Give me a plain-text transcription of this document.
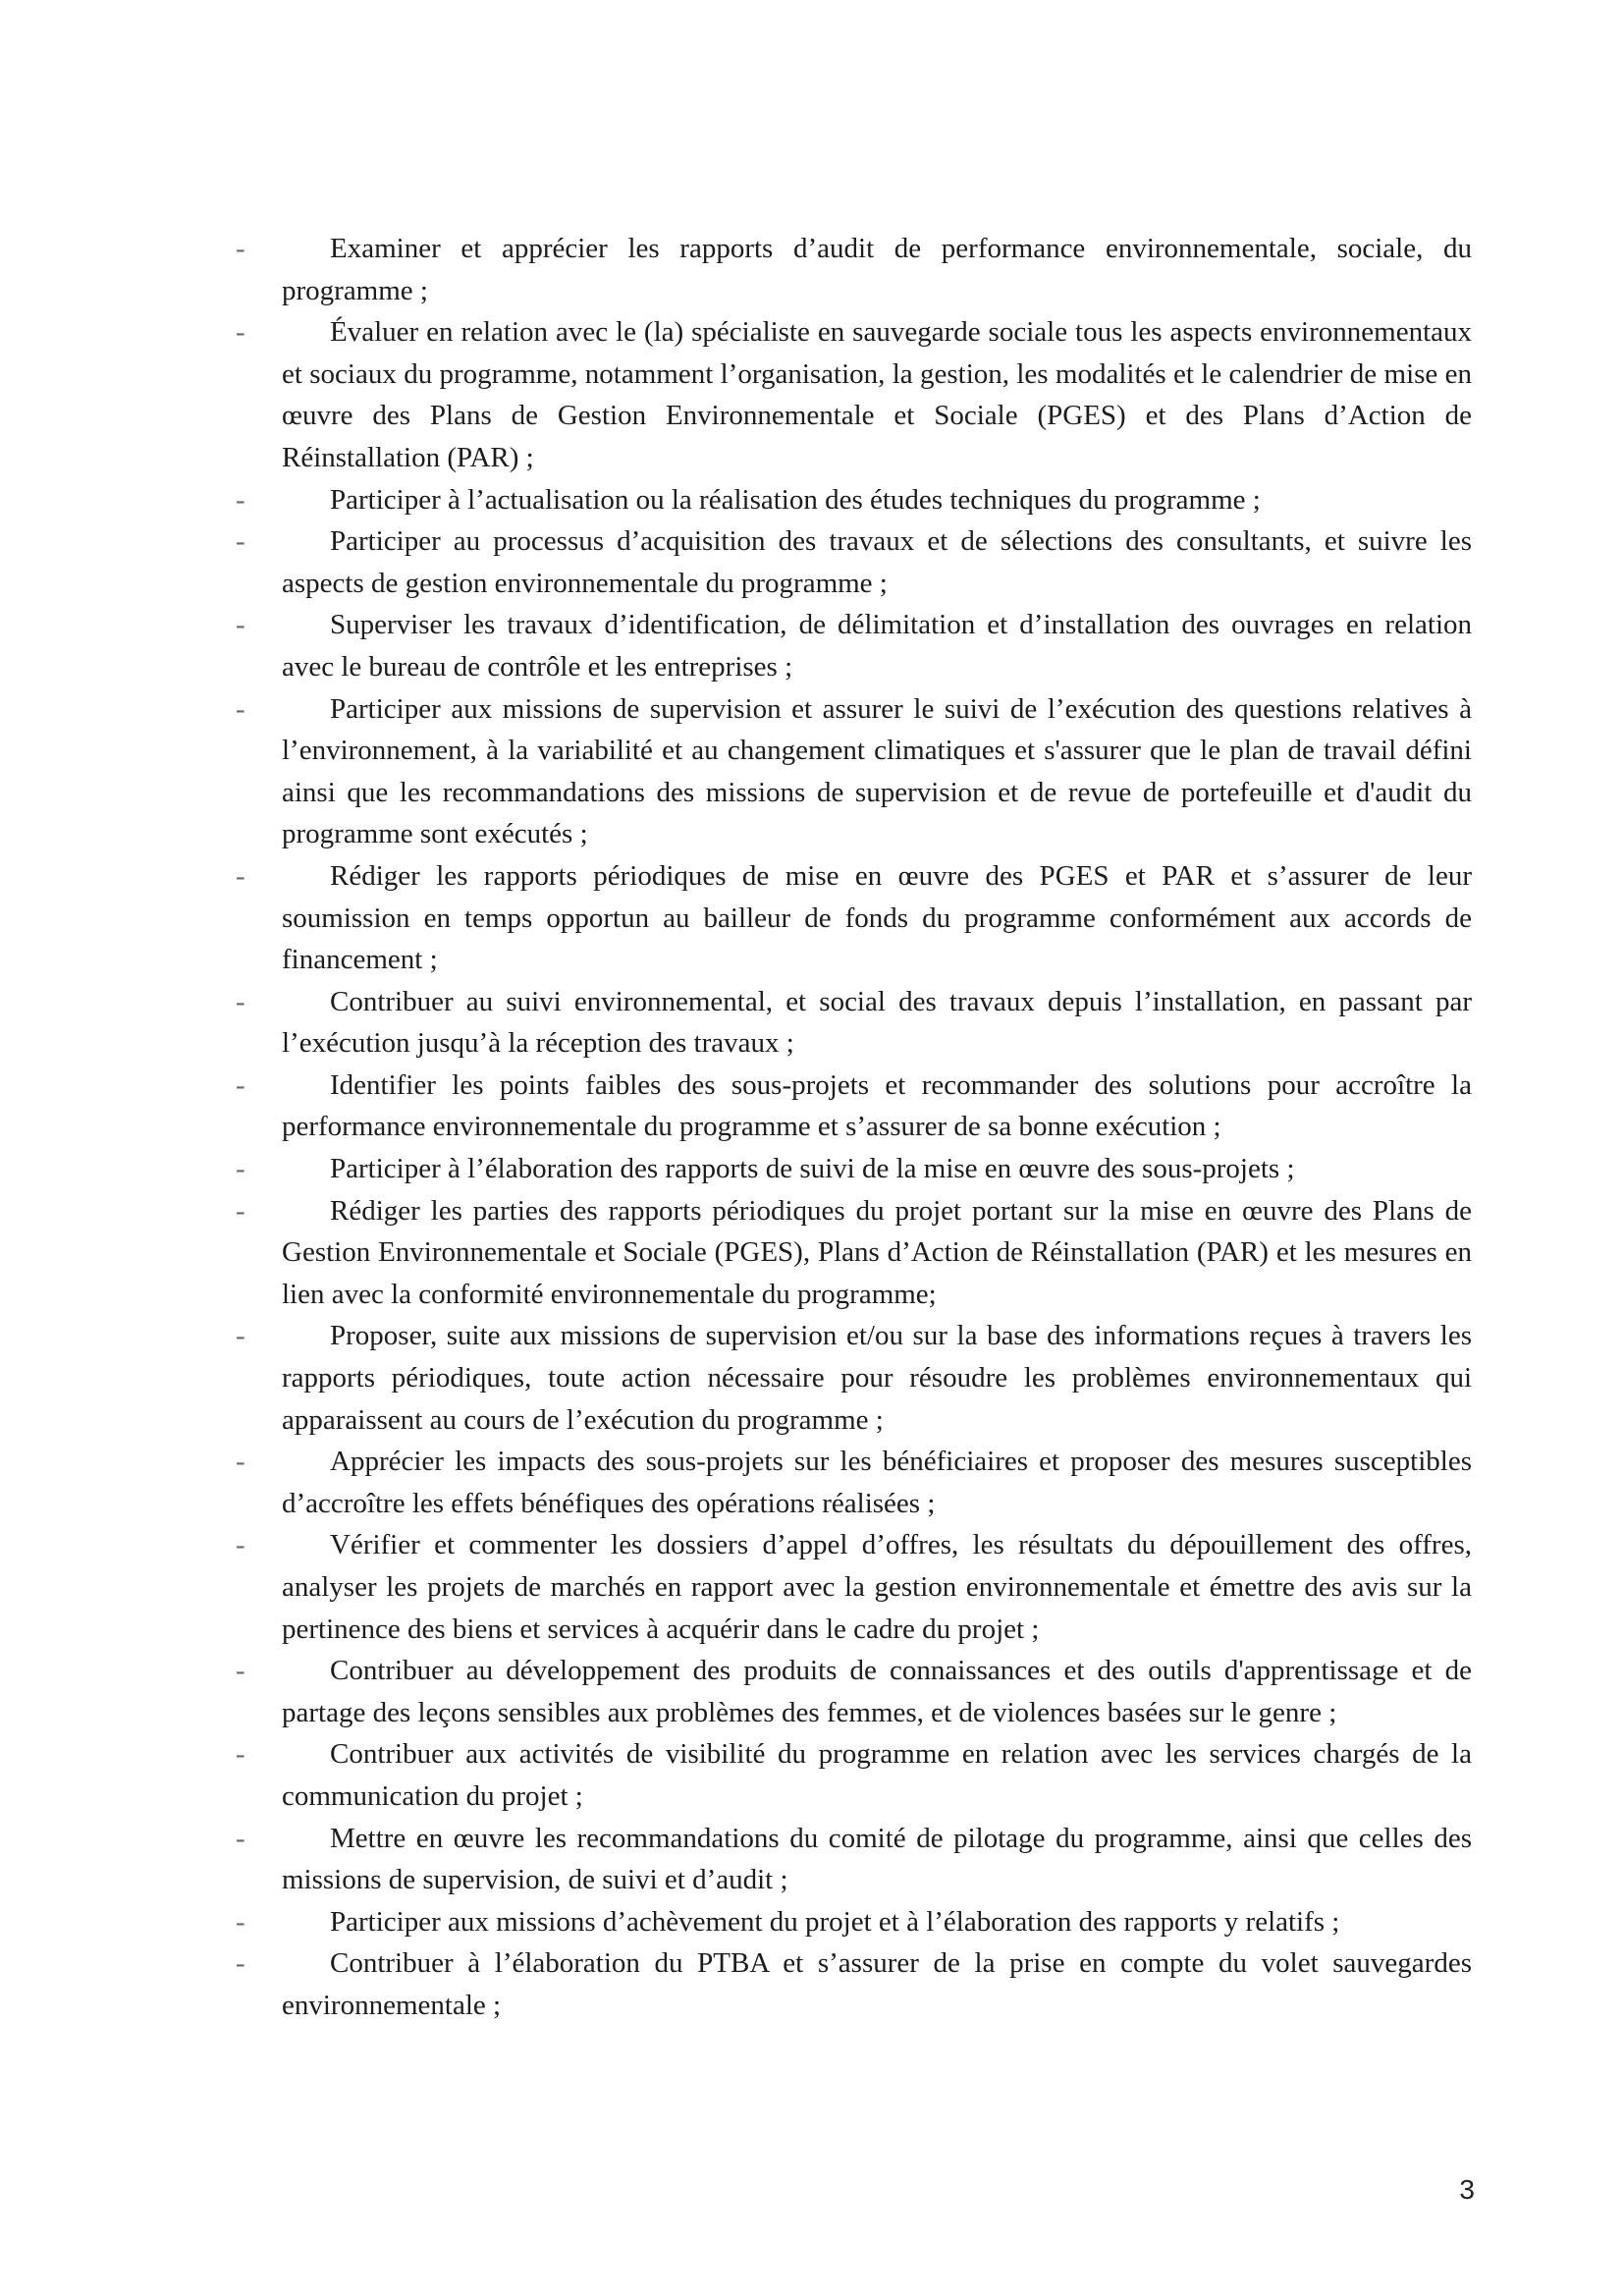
-	Examiner et apprécier les rapports d’audit de performance environnementale, sociale, du programme ;
-	Évaluer en relation avec le (la) spécialiste en sauvegarde sociale tous les aspects environnementaux et sociaux du programme, notamment l’organisation, la gestion, les modalités et le calendrier de mise en œuvre des Plans de Gestion Environnementale et Sociale (PGES) et des Plans d’Action de Réinstallation (PAR) ;
-	Participer à l’actualisation ou la réalisation des études techniques du programme ;
-	Participer au processus d’acquisition des travaux et de sélections des consultants, et suivre les aspects de gestion environnementale du programme ;
-	Superviser les travaux d’identification, de délimitation et d’installation des ouvrages en relation avec le bureau de contrôle et les entreprises ;
-	Participer aux missions de supervision et assurer le suivi de l’exécution des questions relatives à l’environnement, à la variabilité et au changement climatiques et s'assurer que le plan de travail défini ainsi que les recommandations des missions de supervision et de revue de portefeuille et d'audit du programme sont exécutés ;
-	Rédiger les rapports périodiques de mise en œuvre des PGES et PAR et s’assurer de leur soumission en temps opportun au bailleur de fonds du programme conformément aux accords de financement ;
-	Contribuer au suivi environnemental, et social des travaux depuis l’installation, en passant par l’exécution jusqu’à la réception des travaux ;
-	Identifier les points faibles des sous-projets et recommander des solutions pour accroître la performance environnementale du programme et s’assurer de sa bonne exécution ;
-	Participer à l’élaboration des rapports de suivi de la mise en œuvre des sous-projets ;
-	Rédiger les parties des rapports périodiques du projet portant sur la mise en œuvre des Plans de Gestion Environnementale et Sociale (PGES), Plans d’Action de Réinstallation (PAR) et les mesures en lien avec la conformité environnementale du programme;
-	Proposer, suite aux missions de supervision et/ou sur la base des informations reçues à travers les rapports périodiques, toute action nécessaire pour résoudre les problèmes environnementaux qui apparaissent au cours de l’exécution du programme ;
-	Apprécier les impacts des sous-projets sur les bénéficiaires et proposer des mesures susceptibles d’accroître les effets bénéfiques des opérations réalisées ;
-	Vérifier et commenter les dossiers d’appel d’offres, les résultats du dépouillement des offres, analyser les projets de marchés en rapport avec la gestion environnementale et émettre des avis sur la pertinence des biens et services à acquérir dans le cadre du projet ;
-	Contribuer au développement des produits de connaissances et des outils d'apprentissage et de partage des leçons sensibles aux problèmes des femmes, et de violences basées sur le genre ;
-	Contribuer aux activités de visibilité du programme en relation avec les services chargés de la communication du projet ;
-	Mettre en œuvre les recommandations du comité de pilotage du programme, ainsi que celles des missions de supervision, de suivi et d’audit ;
-	Participer aux missions d’achèvement du projet et à l’élaboration des rapports y relatifs ;
-	Contribuer à l’élaboration du PTBA et s’assurer de la prise en compte du volet sauvegardes environnementale ;
3
